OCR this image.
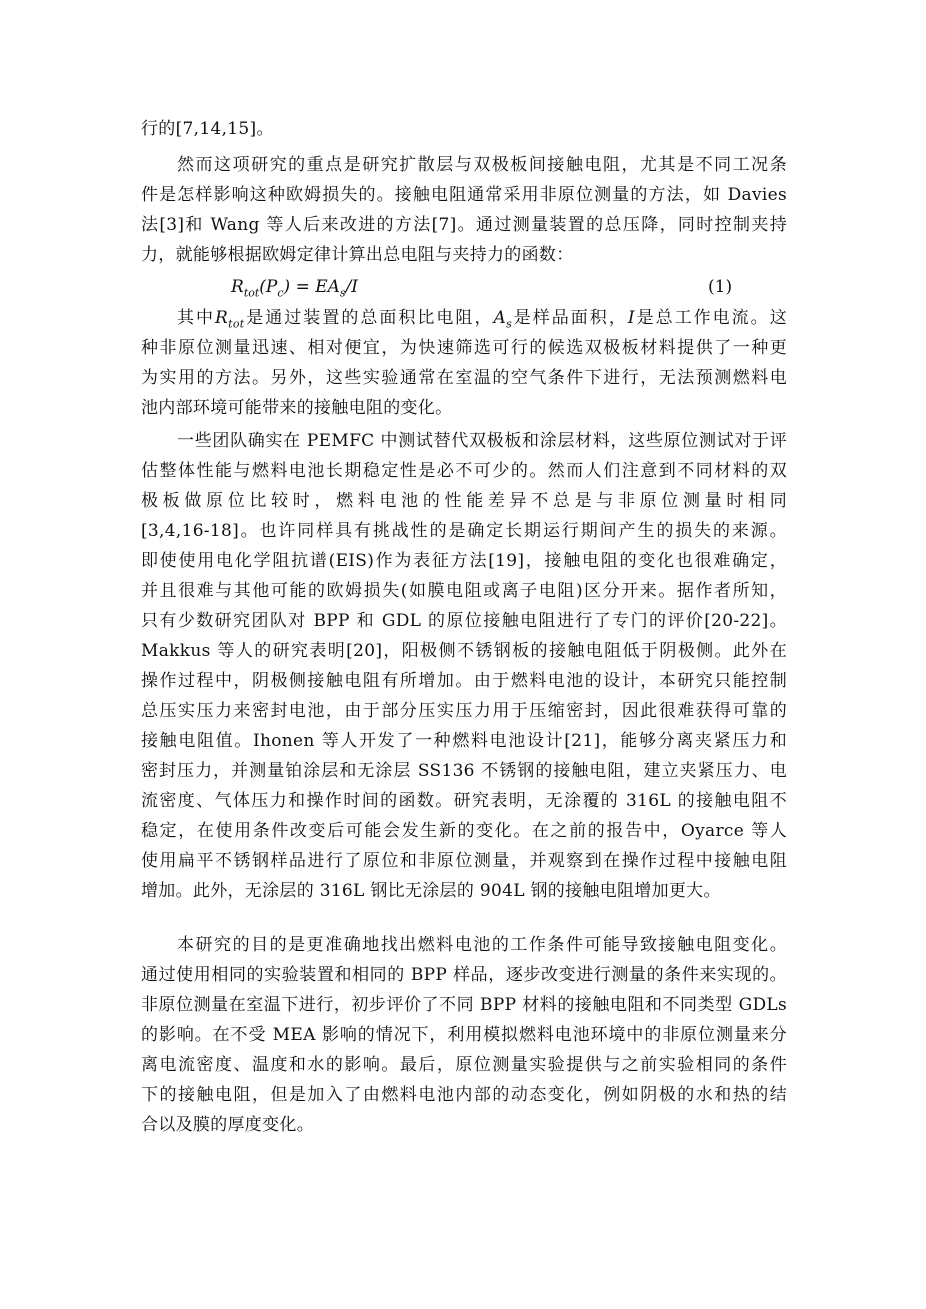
行的[7,14,15]。
然而这项研究的重点是研究扩散层与双极板间接触电阻，尤其是不同工况条
件是怎样影响这种欧姆损失的。接触电阻通常采用非原位测量的方法，如 Davies
法[3]和 Wang 等人后来改进的方法[7]。通过测量装置的总压降，同时控制夹持
力，就能够根据欧姆定律计算出总电阻与夹持力的函数：
$R_{tot}(P_c) = EA_s/I$	(1)
其中$R_{tot}$是通过装置的总面积比电阻，$A_s$是样品面积，I是总工作电流。这
种非原位测量迅速、相对便宜，为快速筛选可行的候选双极板材料提供了一种更
为实用的方法。另外，这些实验通常在室温的空气条件下进行，无法预测燃料电
池内部环境可能带来的接触电阻的变化。
一些团队确实在 PEMFC 中测试替代双极板和涂层材料，这些原位测试对于评
估整体性能与燃料电池长期稳定性是必不可少的。然而人们注意到不同材料的双
极板做原位比较时，燃料电池的性能差异不总是与非原位测量时相同
[3,4,16-18]。也许同样具有挑战性的是确定长期运行期间产生的损失的来源。
即使使用电化学阻抗谱(EIS)作为表征方法[19]，接触电阻的变化也很难确定，
并且很难与其他可能的欧姆损失(如膜电阻或离子电阻)区分开来。据作者所知，
只有少数研究团队对 BPP 和 GDL 的原位接触电阻进行了专门的评价[20-22]。
Makkus 等人的研究表明[20]，阳极侧不锈钢板的接触电阻低于阴极侧。此外在
操作过程中，阴极侧接触电阻有所增加。由于燃料电池的设计，本研究只能控制
总压实压力来密封电池，由于部分压实压力用于压缩密封，因此很难获得可靠的
接触电阻值。Ihonen 等人开发了一种燃料电池设计[21]，能够分离夹紧压力和
密封压力，并测量铂涂层和无涂层 SS136 不锈钢的接触电阻，建立夹紧压力、电
流密度、气体压力和操作时间的函数。研究表明，无涂覆的 316L 的接触电阻不
稳定，在使用条件改变后可能会发生新的变化。在之前的报告中，Oyarce 等人
使用扁平不锈钢样品进行了原位和非原位测量，并观察到在操作过程中接触电阻
增加。此外，无涂层的 316L 钢比无涂层的 904L 钢的接触电阻增加更大。
本研究的目的是更准确地找出燃料电池的工作条件可能导致接触电阻变化。
通过使用相同的实验装置和相同的 BPP 样品，逐步改变进行测量的条件来实现的。
非原位测量在室温下进行，初步评价了不同 BPP 材料的接触电阻和不同类型 GDLs
的影响。在不受 MEA 影响的情况下，利用模拟燃料电池环境中的非原位测量来分
离电流密度、温度和水的影响。最后，原位测量实验提供与之前实验相同的条件
下的接触电阻，但是加入了由燃料电池内部的动态变化，例如阴极的水和热的结
合以及膜的厚度变化。
